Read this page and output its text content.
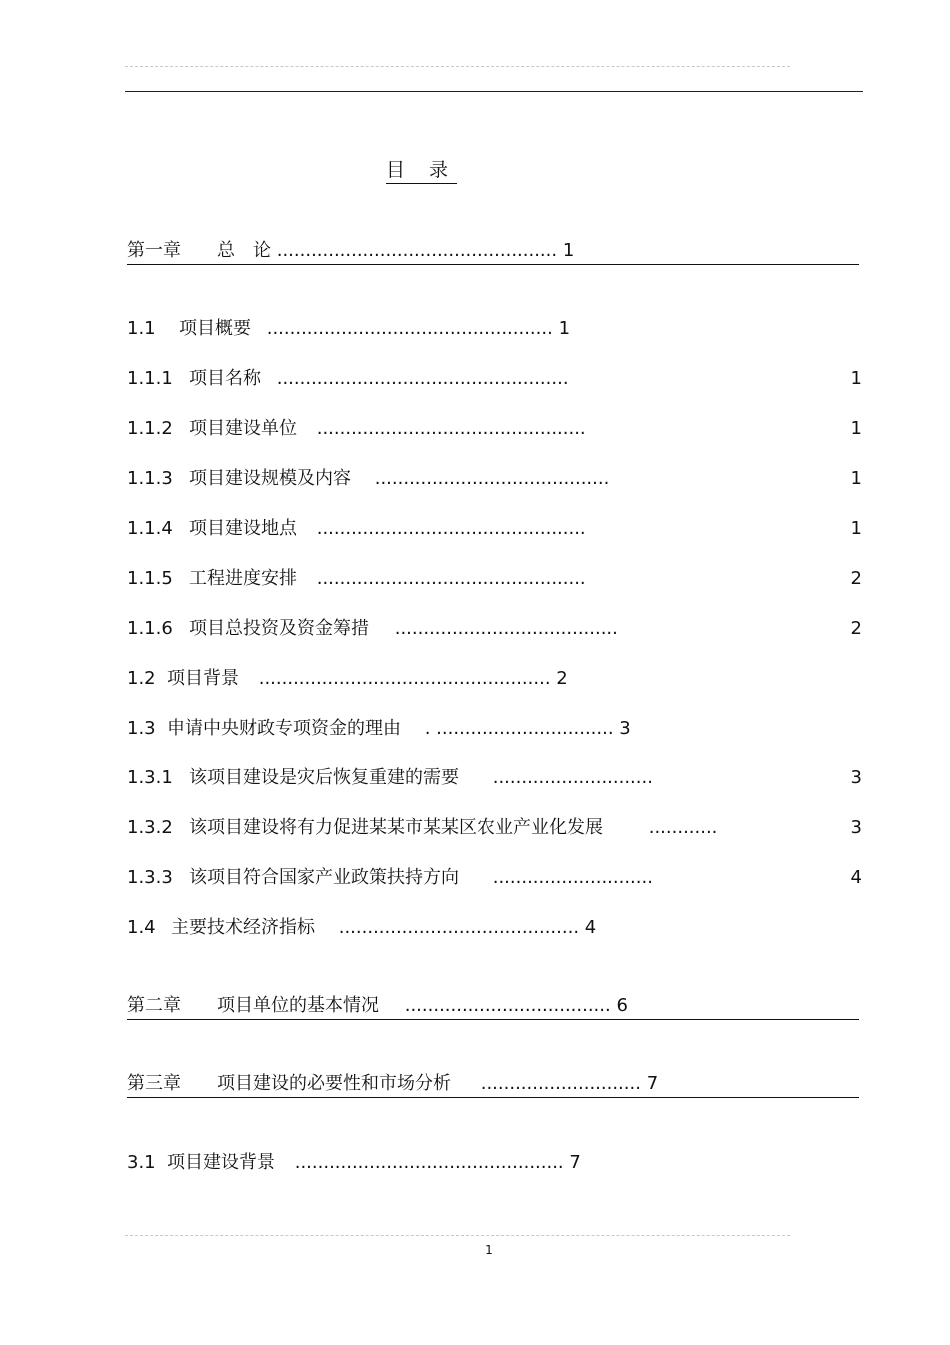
目 录
第一章 总　论 ................................................. 1
1.1 项目概要 .................................................. 1
1.1.1 项目名称 ...................................................	1
1.1.2 项目建设单位 ...............................................	1
1.1.3 项目建设规模及内容 .........................................	1
1.1.4 项目建设地点 ...............................................	1
1.1.5 工程进度安排 ...............................................	2
1.1.6 项目总投资及资金筹措 .......................................	2
1.2 项目背景 ................................................... 2
1.3 申请中央财政专项资金的理由 . ............................... 3
1.3.1 该项目建设是灾后恢复重建的需要 ............................	3
1.3.2 该项目建设将有力促进某某市某某区农业产业化发展	............	3
1.3.3 该项目符合国家产业政策扶持方向 ............................	4
1.4 主要技术经济指标 .......................................... 4
第二章 项目单位的基本情况 .................................... 6
第三章 项目建设的必要性和市场分析 ............................ 7
3.1 项目建设背景 ............................................... 7
1
